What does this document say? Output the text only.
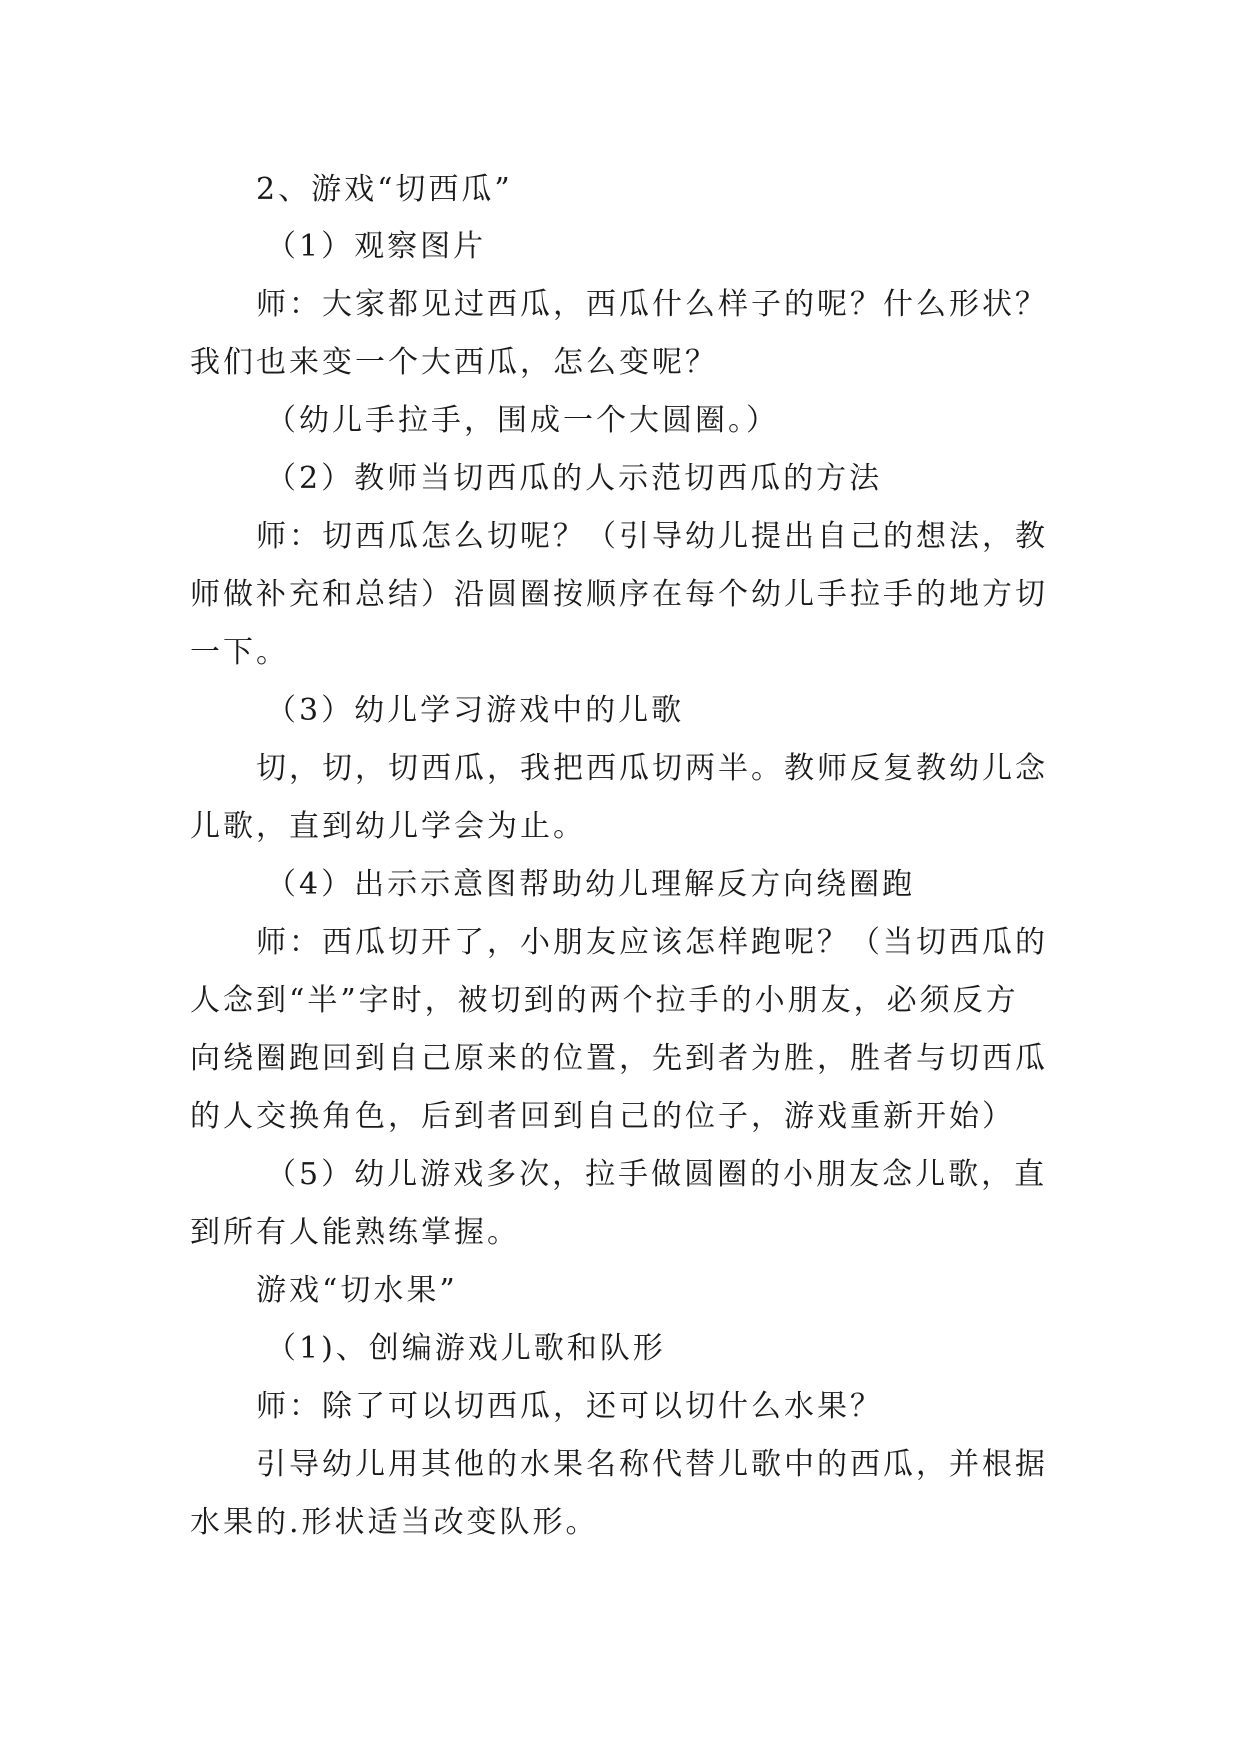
2、游戏“切西瓜”
（1）观察图片
师：大家都见过西瓜，西瓜什么样子的呢？什么形状？
我们也来变一个大西瓜，怎么变呢？
（幼儿手拉手，围成一个大圆圈。）
（2）教师当切西瓜的人示范切西瓜的方法
师：切西瓜怎么切呢？（引导幼儿提出自己的想法，教
师做补充和总结）沿圆圈按顺序在每个幼儿手拉手的地方切
一下。
（3）幼儿学习游戏中的儿歌
切，切，切西瓜，我把西瓜切两半。教师反复教幼儿念
儿歌，直到幼儿学会为止。
（4）出示示意图帮助幼儿理解反方向绕圈跑
师：西瓜切开了，小朋友应该怎样跑呢？（当切西瓜的
人念到“半”字时，被切到的两个拉手的小朋友，必须反方
向绕圈跑回到自己原来的位置，先到者为胜，胜者与切西瓜
的人交换角色，后到者回到自己的位子，游戏重新开始）
（5）幼儿游戏多次，拉手做圆圈的小朋友念儿歌，直
到所有人能熟练掌握。
游戏“切水果”
（1)、创编游戏儿歌和队形
师：除了可以切西瓜，还可以切什么水果？
引导幼儿用其他的水果名称代替儿歌中的西瓜，并根据
水果的.形状适当改变队形。
